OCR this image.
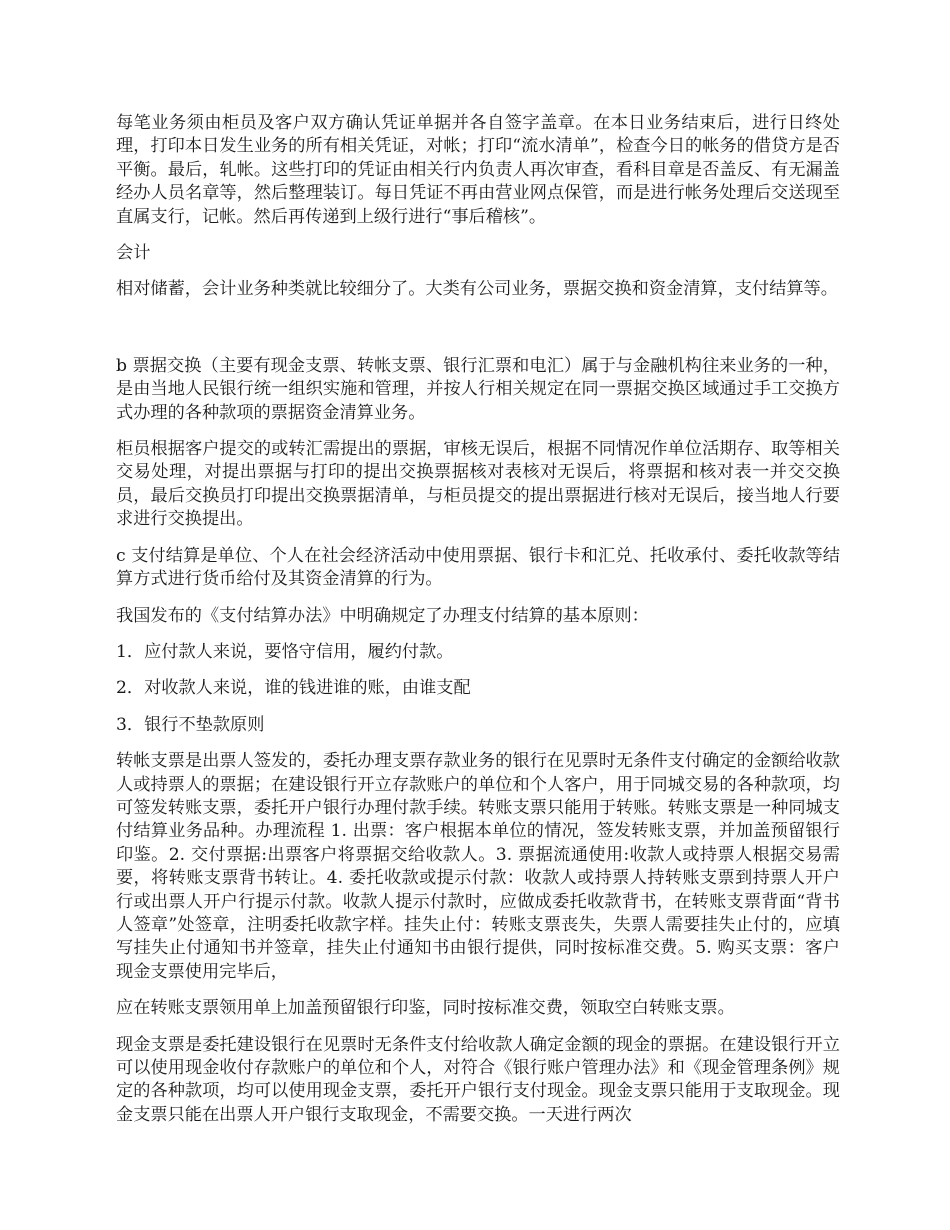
每笔业务须由柜员及客户双方确认凭证单据并各自签字盖章。在本日业务结束后，进行日终处理，打印本日发生业务的所有相关凭证，对帐；打印“流水清单”，检查今日的帐务的借贷方是否平衡。最后，轧帐。这些打印的凭证由相关行内负责人再次审查，看科目章是否盖反、有无漏盖经办人员名章等，然后整理装订。每日凭证不再由营业网点保管，而是进行帐务处理后交送现至直属支行，记帐。然后再传递到上级行进行“事后稽核”。

会计

相对储蓄，会计业务种类就比较细分了。大类有公司业务，票据交换和资金清算，支付结算等。

b 票据交换（主要有现金支票、转帐支票、银行汇票和电汇）属于与金融机构往来业务的一种，是由当地人民银行统一组织实施和管理，并按人行相关规定在同一票据交换区域通过手工交换方式办理的各种款项的票据资金清算业务。

柜员根据客户提交的或转汇需提出的票据，审核无误后，根据不同情况作单位活期存、取等相关交易处理，对提出票据与打印的提出交换票据核对表核对无误后，将票据和核对表一并交交换员，最后交换员打印提出交换票据清单，与柜员提交的提出票据进行核对无误后，接当地人行要求进行交换提出。

c 支付结算是单位、个人在社会经济活动中使用票据、银行卡和汇兑、托收承付、委托收款等结算方式进行货币给付及其资金清算的行为。

我国发布的《支付结算办法》中明确规定了办理支付结算的基本原则：

1．应付款人来说，要恪守信用，履约付款。

2．对收款人来说，谁的钱进谁的账，由谁支配

3．银行不垫款原则

转帐支票是出票人签发的，委托办理支票存款业务的银行在见票时无条件支付确定的金额给收款人或持票人的票据；在建设银行开立存款账户的单位和个人客户，用于同城交易的各种款项，均可签发转账支票，委托开户银行办理付款手续。转账支票只能用于转账。转账支票是一种同城支付结算业务品种。办理流程 1. 出票：客户根据本单位的情况，签发转账支票，并加盖预留银行印鉴。2. 交付票据:出票客户将票据交给收款人。3. 票据流通使用:收款人或持票人根据交易需要，将转账支票背书转让。4. 委托收款或提示付款：收款人或持票人持转账支票到持票人开户行或出票人开户行提示付款。收款人提示付款时，应做成委托收款背书，在转账支票背面“背书人签章”处签章，注明委托收款字样。挂失止付：转账支票丧失，失票人需要挂失止付的，应填写挂失止付通知书并签章，挂失止付通知书由银行提供，同时按标准交费。5. 购买支票：客户现金支票使用完毕后，

应在转账支票领用单上加盖预留银行印鉴，同时按标准交费，领取空白转账支票。

现金支票是委托建设银行在见票时无条件支付给收款人确定金额的现金的票据。在建设银行开立可以使用现金收付存款账户的单位和个人，对符合《银行账户管理办法》和《现金管理条例》规定的各种款项，均可以使用现金支票，委托开户银行支付现金。现金支票只能用于支取现金。现金支票只能在出票人开户银行支取现金，不需要交换。一天进行两次
